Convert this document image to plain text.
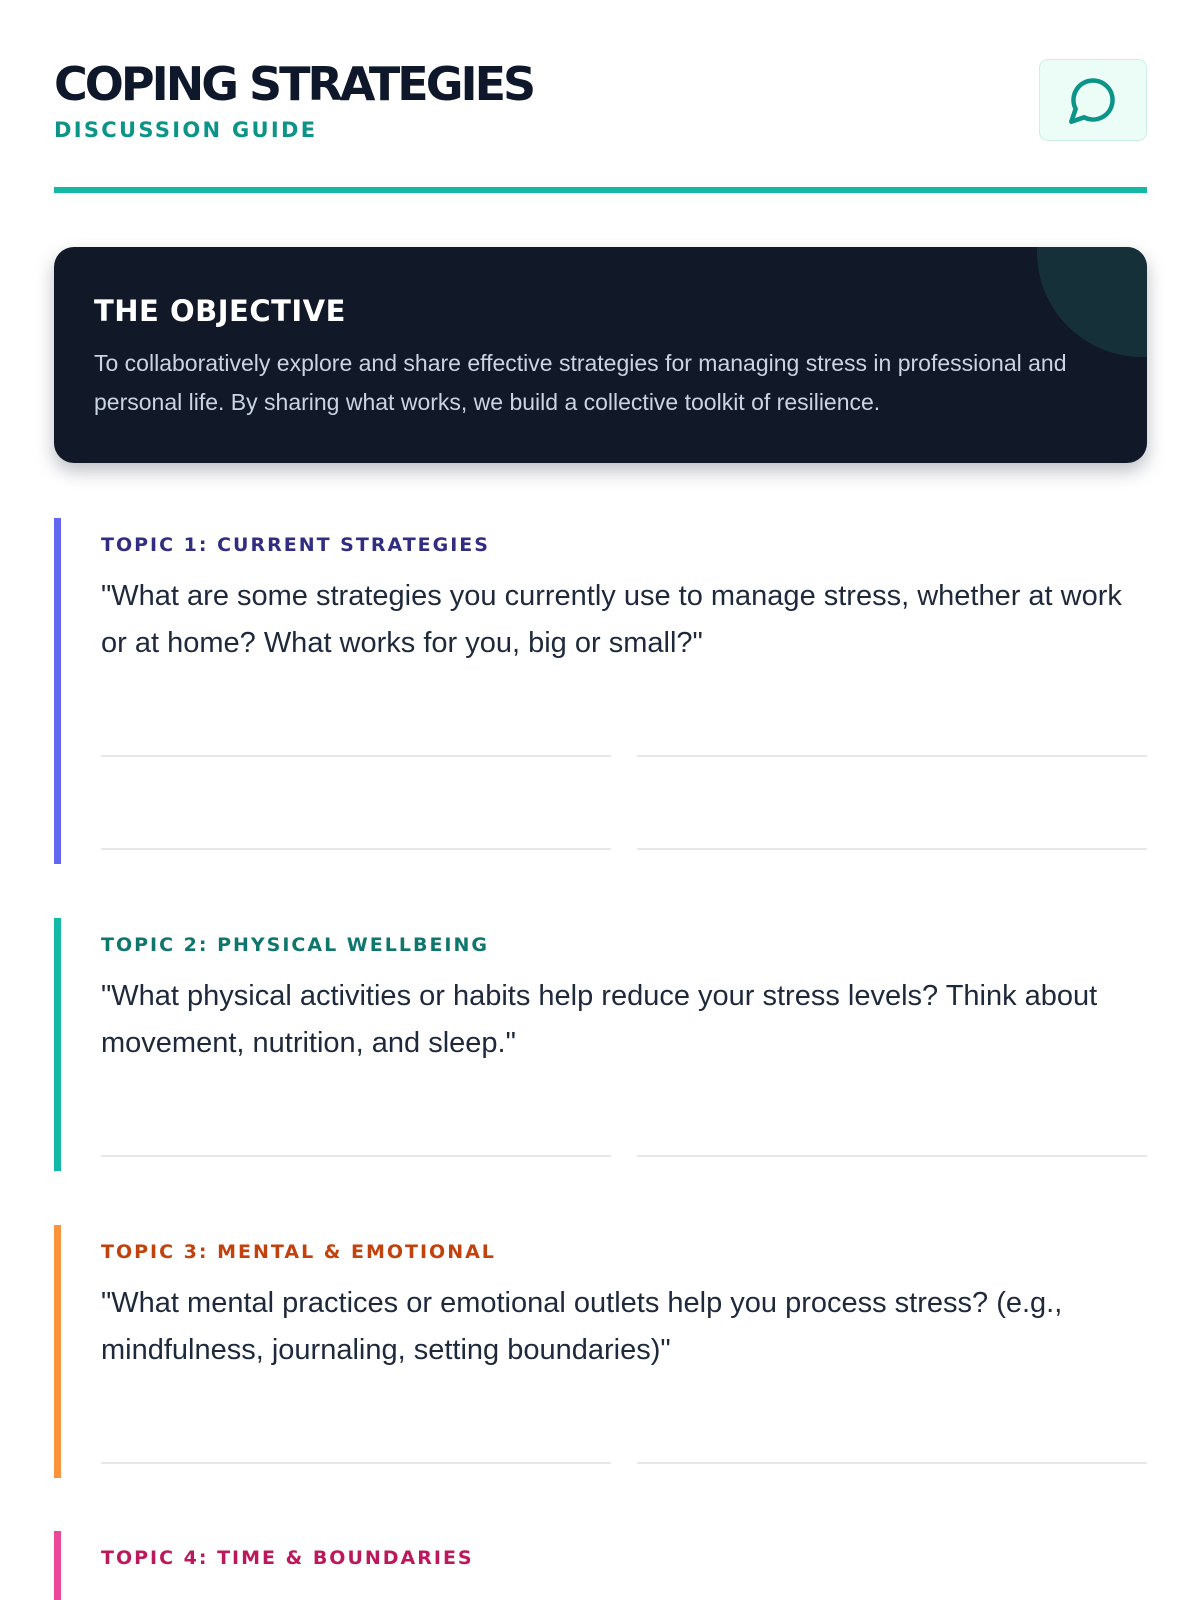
COPING STRATEGIES
DISCUSSION GUIDE
THE OBJECTIVE

To collaboratively explore and share effective strategies for managing stress in professional and personal life. By sharing what works, we build a collective toolkit of resilience.

TOPIC 1: CURRENT STRATEGIES

"What are some strategies you currently use to manage stress, whether at work or at home? What works for you, big or small?"

TOPIC 2: PHYSICAL WELLBEING

"What physical activities or habits help reduce your stress levels? Think about movement, nutrition, and sleep."

TOPIC 3: MENTAL & EMOTIONAL

"What mental practices or emotional outlets help you process stress? (e.g., mindfulness, journaling, setting boundaries)"

TOPIC 4: TIME & BOUNDARIES
